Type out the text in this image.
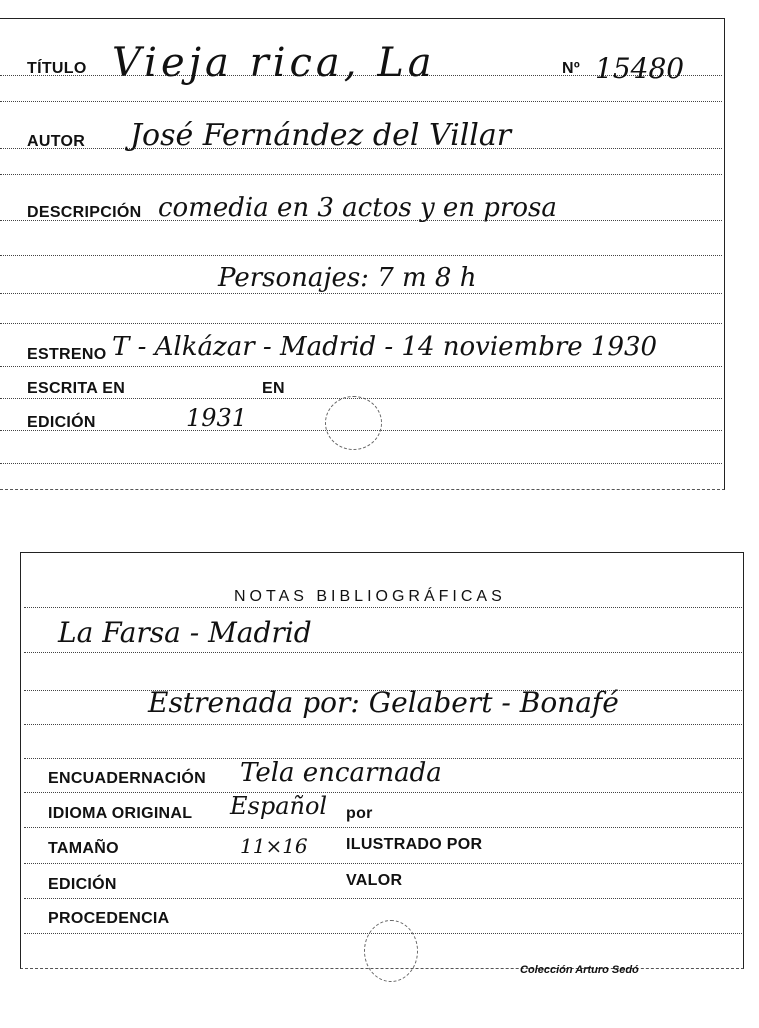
TÍTULO Vieja rica, La	Nº 15480
AUTOR José Fernández del Villar
DESCRIPCIÓN comedia en 3 actos y en prosa
Personajes: 7 m 8 h
ESTRENO T - Alkázar - Madrid - 14 noviembre 1930
ESCRITA EN	EN
EDICIÓN	1931
NOTAS BIBLIOGRÁFICAS
La Farsa - Madrid
Estrenada por: Gelabert - Bonafé
ENCUADERNACIÓN Tela encarnada
IDIOMA ORIGINAL Español por
TAMAÑO	11×16 ILUSTRADO POR
EDICIÓN	VALOR
PROCEDENCIA
Colección Arturo Sedó
